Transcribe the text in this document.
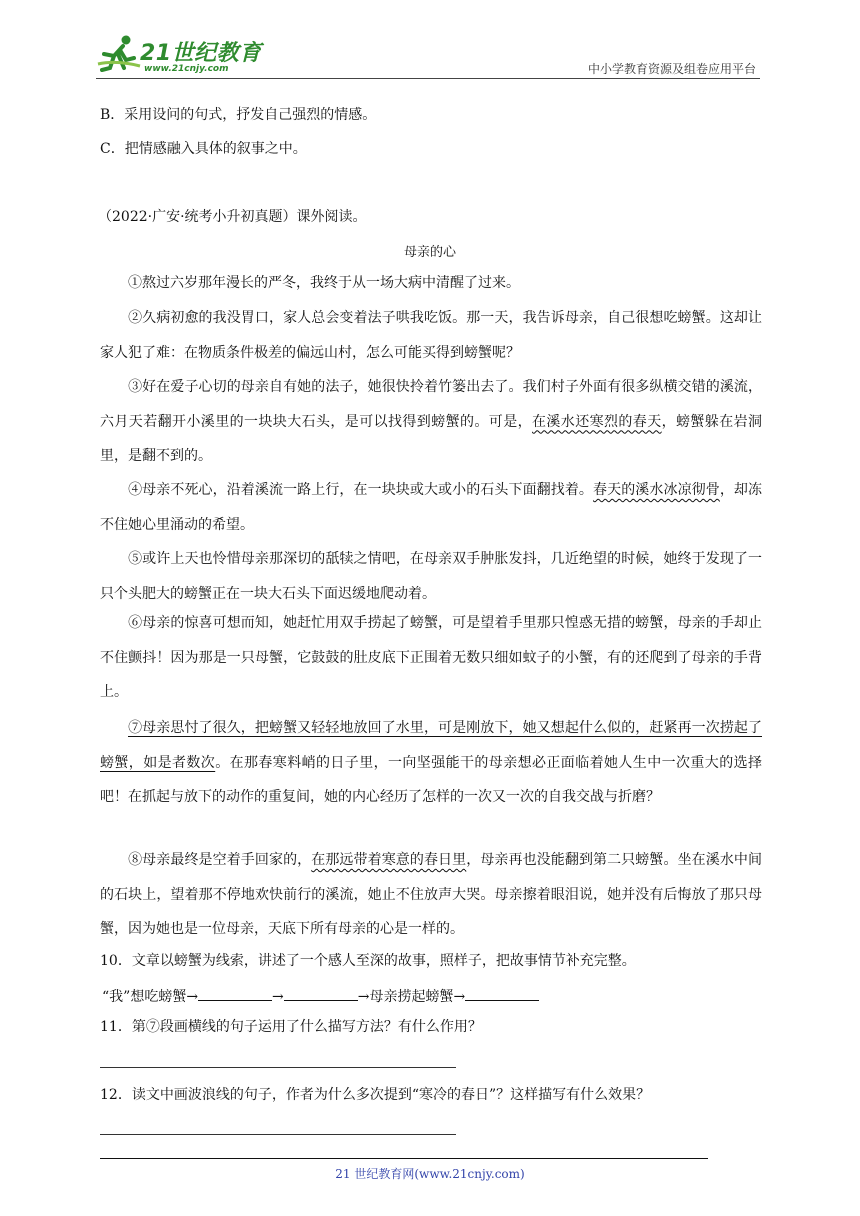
21世纪教育
www.21cnjy.com	中小学教育资源及组卷应用平台
B．采用设问的句式，抒发自己强烈的情感。
C．把情感融入具体的叙事之中。
（2022·广安·统考小升初真题）课外阅读。
母亲的心
①熬过六岁那年漫长的严冬，我终于从一场大病中清醒了过来。
②久病初愈的我没胃口，家人总会变着法子哄我吃饭。那一天，我告诉母亲，自己很想吃螃蟹。这却让家人犯了难：在物质条件极差的偏远山村，怎么可能买得到螃蟹呢？
③好在爱子心切的母亲自有她的法子，她很快拎着竹篓出去了。我们村子外面有很多纵横交错的溪流，六月天若翻开小溪里的一块块大石头，是可以找得到螃蟹的。可是，在溪水还寒烈的春天，螃蟹躲在岩洞里，是翻不到的。
④母亲不死心，沿着溪流一路上行，在一块块或大或小的石头下面翻找着。春天的溪水冰凉彻骨，却冻不住她心里涌动的希望。
⑤或许上天也怜惜母亲那深切的舐犊之情吧，在母亲双手肿胀发抖，几近绝望的时候，她终于发现了一只个头肥大的螃蟹正在一块大石头下面迟缓地爬动着。
⑥母亲的惊喜可想而知，她赶忙用双手捞起了螃蟹，可是望着手里那只惶惑无措的螃蟹，母亲的手却止不住颤抖！因为那是一只母蟹，它鼓鼓的肚皮底下正围着无数只细如蚊子的小蟹，有的还爬到了母亲的手背上。
⑦母亲思忖了很久，把螃蟹又轻轻地放回了水里，可是刚放下，她又想起什么似的，赶紧再一次捞起了螃蟹，如是者数次。在那春寒料峭的日子里，一向坚强能干的母亲想必正面临着她人生中一次重大的选择吧！在抓起与放下的动作的重复间，她的内心经历了怎样的一次又一次的自我交战与折磨？
⑧母亲最终是空着手回家的，在那远带着寒意的春日里，母亲再也没能翻到第二只螃蟹。坐在溪水中间的石块上，望着那不停地欢快前行的溪流，她止不住放声大哭。母亲擦着眼泪说，她并没有后悔放了那只母蟹，因为她也是一位母亲，天底下所有母亲的心是一样的。
10．文章以螃蟹为线索，讲述了一个感人至深的故事，照样子，把故事情节补充完整。
“我”想吃螃蟹→	→	→母亲捞起螃蟹→
11．第⑦段画横线的句子运用了什么描写方法？有什么作用？
12．读文中画波浪线的句子，作者为什么多次提到“寒冷的春日”？这样描写有什么效果？
21 世纪教育网(www.21cnjy.com)
